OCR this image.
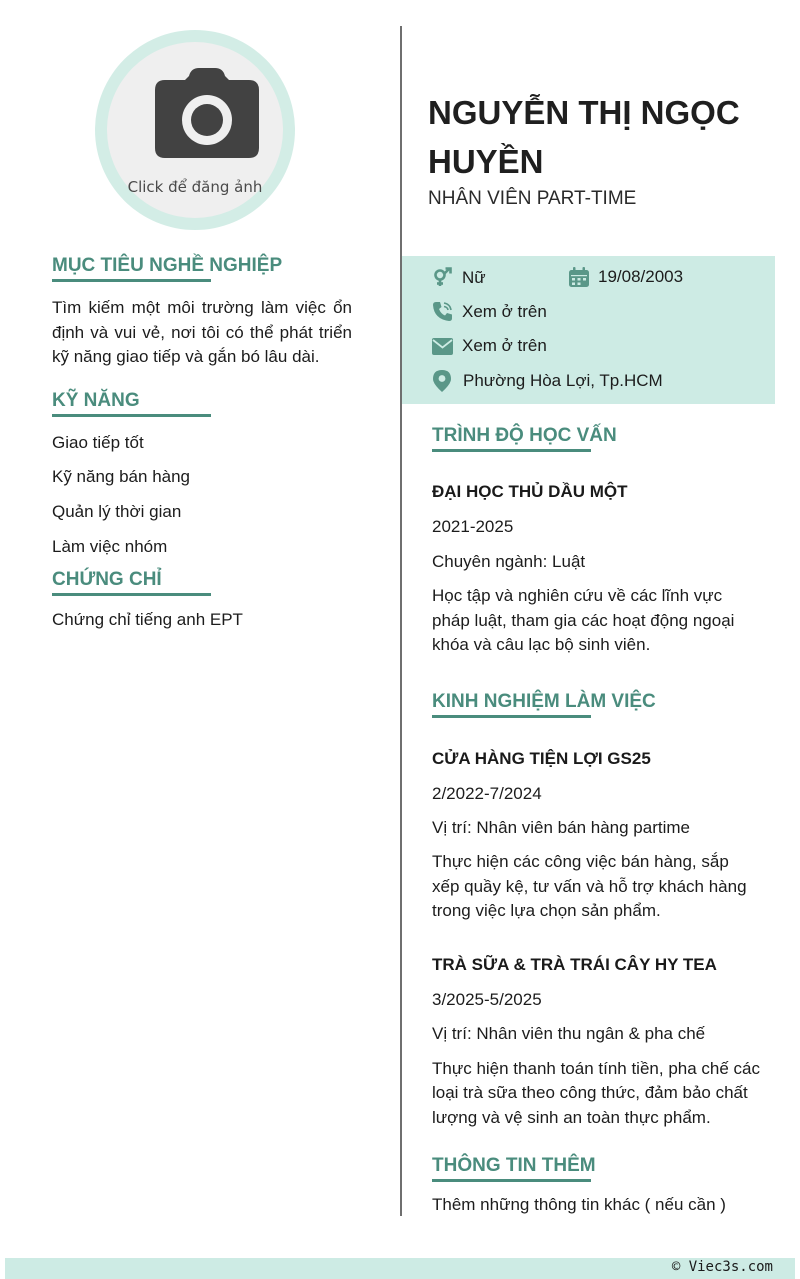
Click để đăng ảnh
NGUYỄN THỊ NGỌC HUYỀN
NHÂN VIÊN PART-TIME
Nữ	19/08/2003
Xem ở trên
Xem ở trên
Phường Hòa Lợi, Tp.HCM
MỤC TIÊU NGHỀ NGHIỆP
Tìm kiếm một môi trường làm việc ổn định và vui vẻ, nơi tôi có thể phát triển kỹ năng giao tiếp và gắn bó lâu dài.
KỸ NĂNG
Giao tiếp tốt
Kỹ năng bán hàng
Quản lý thời gian
Làm việc nhóm
CHỨNG CHỈ
Chứng chỉ tiếng anh EPT
TRÌNH ĐỘ HỌC VẤN
ĐẠI HỌC THỦ DẦU MỘT
2021-2025
Chuyên ngành: Luật
Học tập và nghiên cứu về các lĩnh vực pháp luật, tham gia các hoạt động ngoại khóa và câu lạc bộ sinh viên.
KINH NGHIỆM LÀM VIỆC
CỬA HÀNG TIỆN LỢI GS25
2/2022-7/2024
Vị trí: Nhân viên bán hàng partime
Thực hiện các công việc bán hàng, sắp xếp quầy kệ, tư vấn và hỗ trợ khách hàng trong việc lựa chọn sản phẩm.
TRÀ SỮA & TRÀ TRÁI CÂY HY TEA
3/2025-5/2025
Vị trí: Nhân viên thu ngân & pha chế
Thực hiện thanh toán tính tiền, pha chế các loại trà sữa theo công thức, đảm bảo chất lượng và vệ sinh an toàn thực phẩm.
THÔNG TIN THÊM
Thêm những thông tin khác ( nếu cần )
© Viec3s.com
